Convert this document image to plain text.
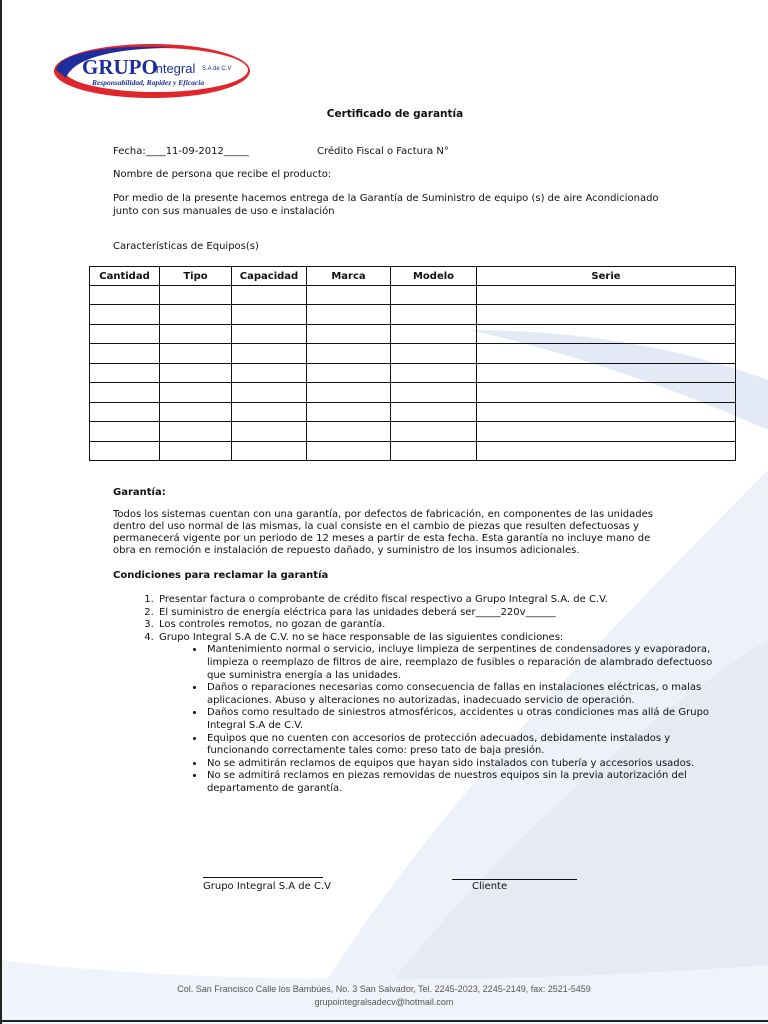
GRUPO
Integral S.A de C.V
Responsabilidad, Rapidez y Eficacia
Certificado de garantía
Fecha:____11-09-2012_____	Crédito Fiscal o Factura N°
Nombre de persona que recibe el producto:
Por medio de la presente hacemos entrega de la Garantía de Suministro de equipo (s) de aire Acondicionado
junto con sus manuales de uso e instalación
Características de Equipos(s)
Cantidad	Tipo	Capacidad	Marca	Modelo	Serie

Garantía:
Todos los sistemas cuentan con una garantía, por defectos de fabricación, en componentes de las unidades
dentro del uso normal de las mismas, la cual consiste en el cambio de piezas que resulten defectuosas y
permanecerá vigente por un periodo de 12 meses a partir de esta fecha. Esta garantía no incluye mano de
obra en remoción e instalación de repuesto dañado, y suministro de los insumos adicionales.
Condiciones para reclamar la garantía
1. Presentar factura o comprobante de crédito fiscal respectivo a Grupo Integral S.A. de C.V.
2. El suministro de energía eléctrica para las unidades deberá ser_____220v______
3. Los controles remotos, no gozan de garantía.
4. Grupo Integral S.A de C.V. no se hace responsable de las siguientes condiciones:
• Mantenimiento normal o servicio, incluye limpieza de serpentines de condensadores y evaporadora, limpieza o reemplazo de filtros de aire, reemplazo de fusibles o reparación de alambrado defectuoso que suministra energía a las unidades.
• Daños o reparaciones necesarias como consecuencia de fallas en instalaciones eléctricas, o malas aplicaciones. Abuso y alteraciones no autorizadas, inadecuado servicio de operación.
• Daños como resultado de siniestros atmosféricos, accidentes u otras condiciones mas allá de Grupo Integral S.A de C.V.
• Equipos que no cuenten con accesorios de protección adecuados, debidamente instalados y funcionando correctamente tales como: preso tato de baja presión.
• No se admitirán reclamos de equipos que hayan sido instalados con tubería y accesorios usados.
• No se admitirá reclamos en piezas removidas de nuestros equipos sin la previa autorización del departamento de garantía.
Grupo Integral S.A de C.V	Cliente
Col. San Francisco Calle los Bambúes, No. 3 San Salvador, Tel. 2245-2023, 2245-2149, fax: 2521-5459
grupointegralsadecv@hotmail.com
